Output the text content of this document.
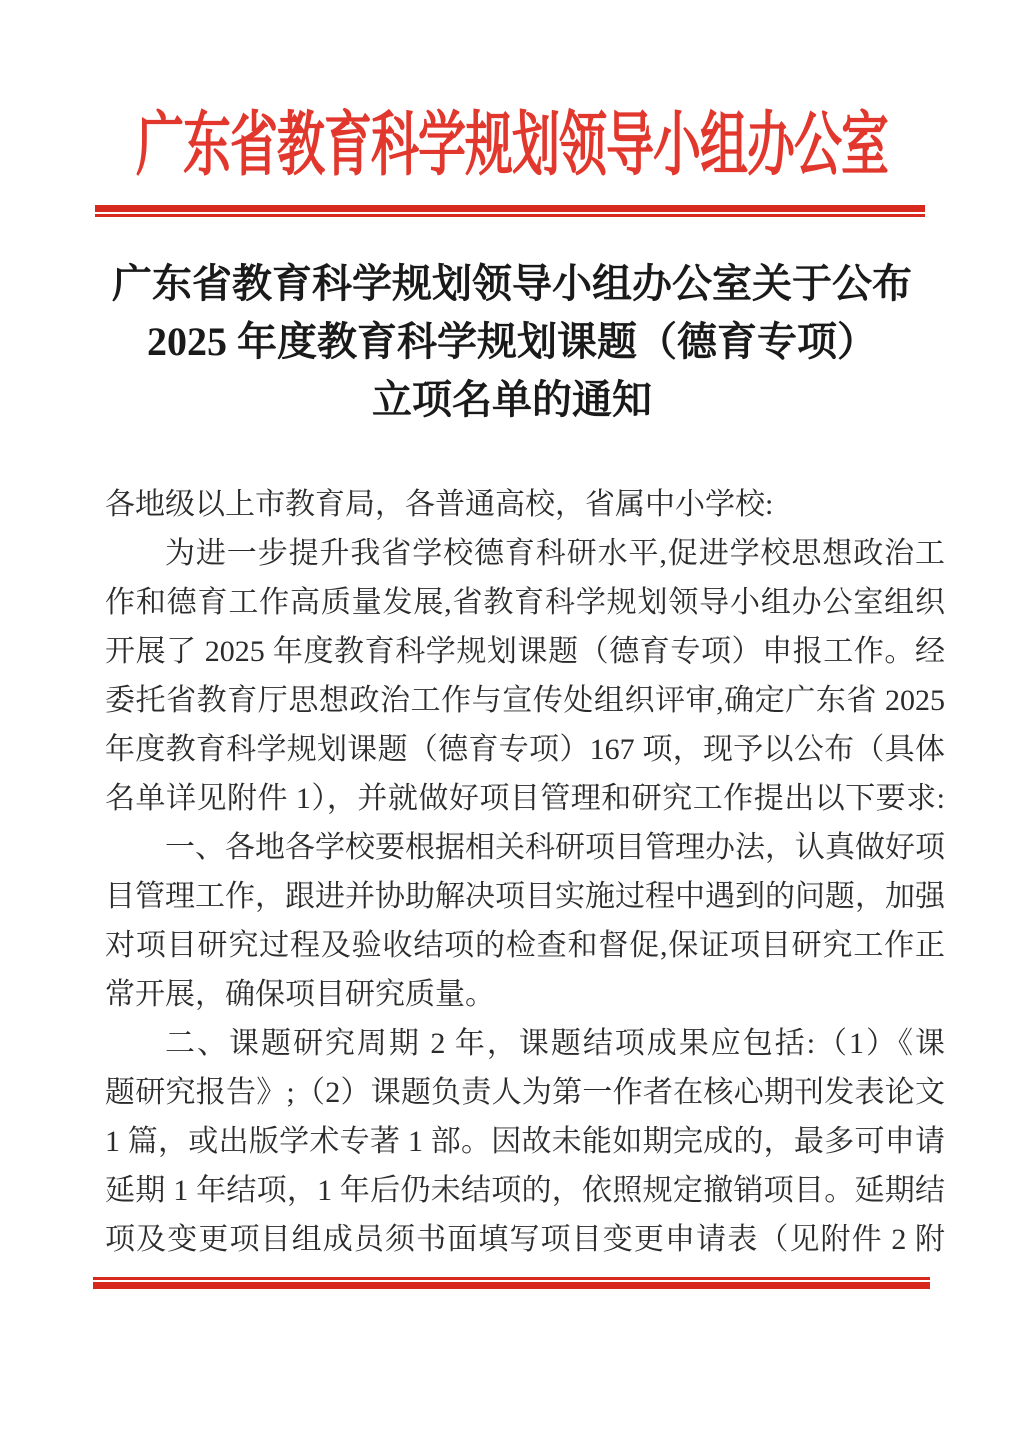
广东省教育科学规划领导小组办公室
广东省教育科学规划领导小组办公室关于公布
2025 年度教育科学规划课题（德育专项）
立项名单的通知
各地级以上市教育局，各普通高校，省属中小学校:
为进一步提升我省学校德育科研水平,促进学校思想政治工
作和德育工作高质量发展,省教育科学规划领导小组办公室组织
开展了 2025 年度教育科学规划课题（德育专项）申报工作。经
委托省教育厅思想政治工作与宣传处组织评审,确定广东省 2025
年度教育科学规划课题（德育专项）167 项，现予以公布（具体
名单详见附件 1），并就做好项目管理和研究工作提出以下要求:
一、各地各学校要根据相关科研项目管理办法，认真做好项
目管理工作，跟进并协助解决项目实施过程中遇到的问题，加强
对项目研究过程及验收结项的检查和督促,保证项目研究工作正
常开展，确保项目研究质量。
二、课题研究周期 2 年，课题结项成果应包括:（1）《课
题研究报告》;（2）课题负责人为第一作者在核心期刊发表论文
1 篇，或出版学术专著 1 部。因故未能如期完成的，最多可申请
延期 1 年结项，1 年后仍未结项的，依照规定撤销项目。延期结
项及变更项目组成员须书面填写项目变更申请表（见附件 2 附
